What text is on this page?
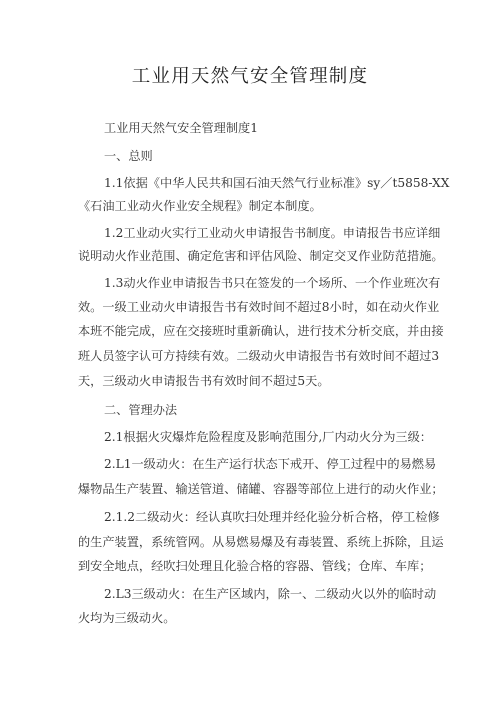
工业用天然气安全管理制度
工业用天然气安全管理制度1
一、总则
1.1依据《中华人民共和国石油天然气行业标准》sy／t5858-XX
《石油工业动火作业安全规程》制定本制度。
1.2工业动火实行工业动火申请报告书制度。申请报告书应详细
说明动火作业范围、确定危害和评估风险、制定交叉作业防范措施。
1.3动火作业申请报告书只在签发的一个场所、一个作业班次有
效。一级工业动火申请报告书有效时间不超过8小时，如在动火作业
本班不能完成，应在交接班时重新确认，进行技术分析交底，并由接
班人员签字认可方持续有效。二级动火申请报告书有效时间不超过3
天，三级动火申请报告书有效时间不超过5天。
二、管理办法
2.1根据火灾爆炸危险程度及影响范围分,厂内动火分为三级：
2.L1一级动火：在生产运行状态下戒开、停工过程中的易燃易
爆物品生产装置、输送管道、储罐、容器等部位上进行的动火作业；
2.1.2二级动火：经认真吹扫处理并经化验分析合格，停工检修
的生产装置，系统管网。从易燃易爆及有毒装置、系统上拆除，且运
到安全地点，经吹扫处理且化验合格的容器、管线；仓库、车库；
2.L3三级动火：在生产区域内，除一、二级动火以外的临时动
火均为三级动火。
